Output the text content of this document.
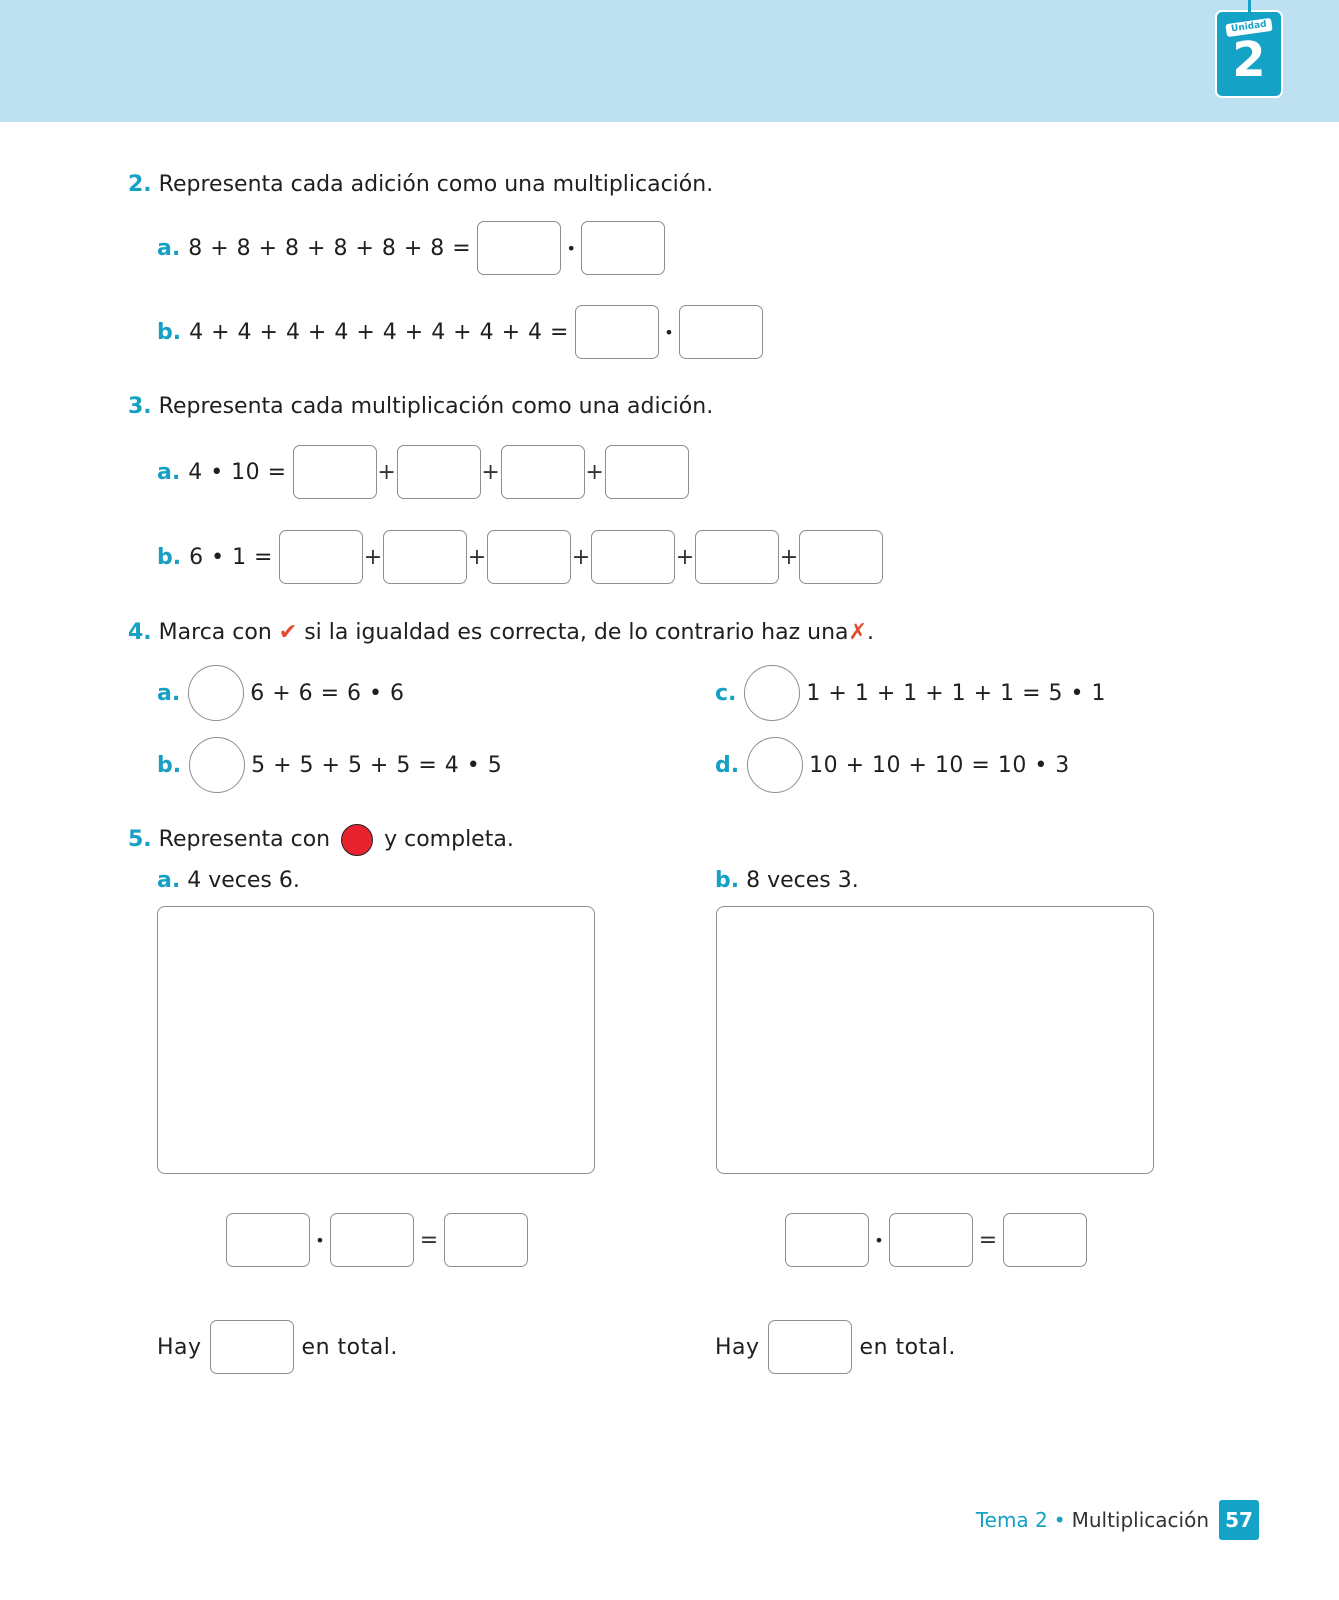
Unidad
2
2. Representa cada adición como una multiplicación.
a. 8 + 8 + 8 + 8 + 8 + 8 =	•
b. 4 + 4 + 4 + 4 + 4 + 4 + 4 + 4 =	•
3. Representa cada multiplicación como una adición.
a. 4 • 10 =	+	+	+
b. 6 • 1 =	+	+	+	+	+
4. Marca con ✔ si la igualdad es correcta, de lo contrario haz una✗.
a.	6 + 6 = 6 • 6
b.	5 + 5 + 5 + 5 = 4 • 5
c.	1 + 1 + 1 + 1 + 1 = 5 • 1
d.	10 + 10 + 10 = 10 • 3
5. Representa con y completa.
a. 4 veces 6.	b. 8 veces 3.
•	=	•	=
Hay	en total.	Hay	en total.
Tema 2 • Multiplicación 57
